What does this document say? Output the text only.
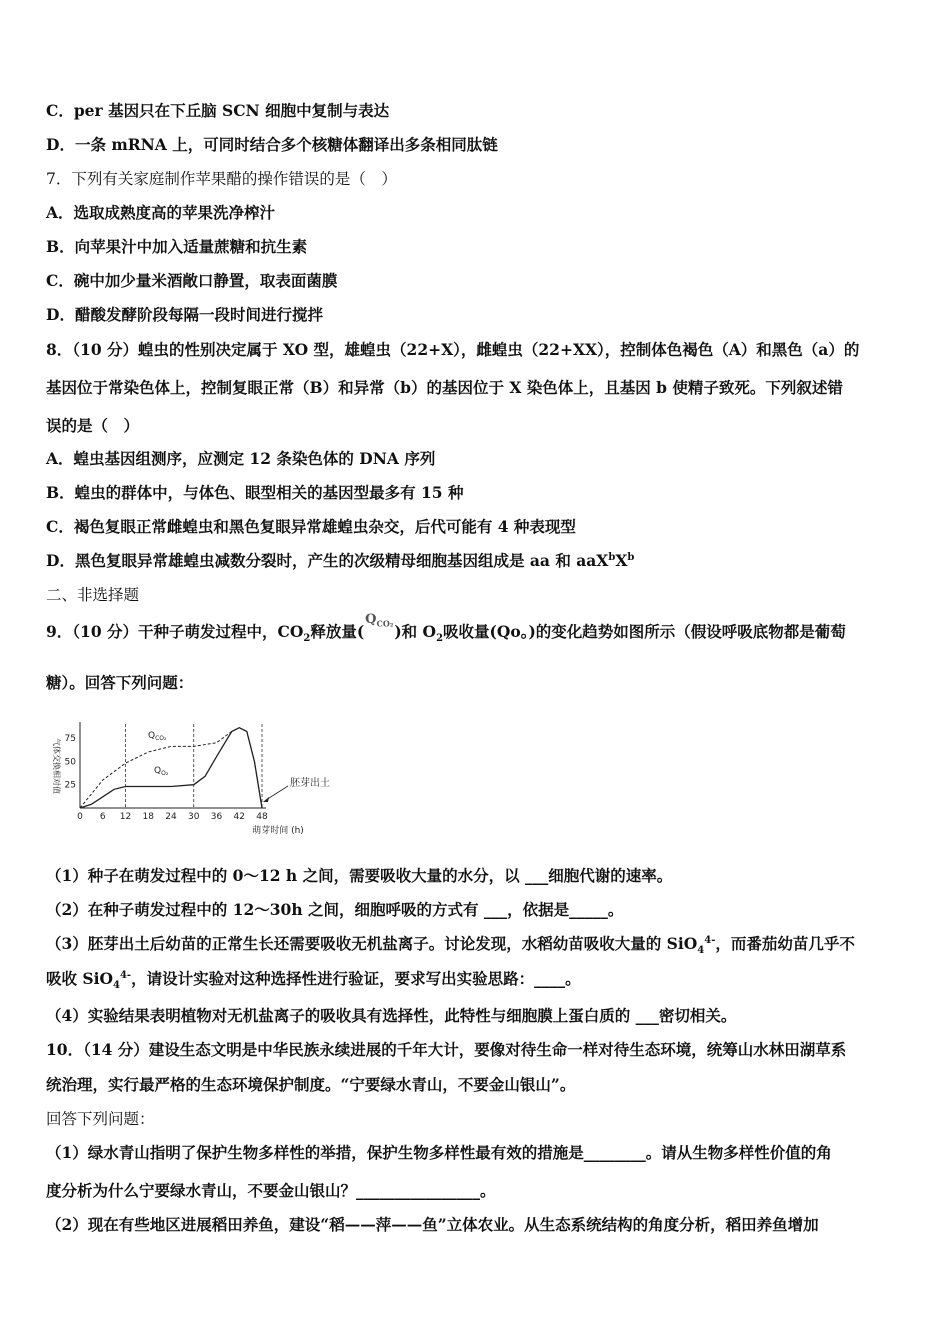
C．per 基因只在下丘脑 SCN 细胞中复制与表达
D．一条 mRNA 上，可同时结合多个核糖体翻译出多条相同肽链
7．下列有关家庭制作苹果醋的操作错误的是（　）
A．选取成熟度高的苹果洗净榨汁
B．向苹果汁中加入适量蔗糖和抗生素
C．碗中加少量米酒敞口静置，取表面菌膜
D．醋酸发酵阶段每隔一段时间进行搅拌
8．（10 分）蝗虫的性别决定属于 XO 型，雄蝗虫（22+X），雌蝗虫（22+XX），控制体色褐色（A）和黑色（a）的
基因位于常染色体上，控制复眼正常（B）和异常（b）的基因位于 X 染色体上，且基因 b 使精子致死。下列叙述错
误的是（　）
A．蝗虫基因组测序，应测定 12 条染色体的 DNA 序列
B．蝗虫的群体中，与体色、眼型相关的基因型最多有 15 种
C．褐色复眼正常雌蝗虫和黑色复眼异常雄蝗虫杂交，后代可能有 4 种表现型
D．黑色复眼异常雄蝗虫减数分裂时，产生的次级精母细胞基因组成是 aa 和 $aaX^bX^b$
二、非选择题
9．（10 分）干种子萌发过程中，$CO_2$释放量$(Q_{CO_2})$和 $O_2$吸收量(Qo。)的变化趋势如图所示（假设呼吸底物都是葡萄
糖）。回答下列问题：
0 6 12 18 24 30 36 42 48
25
50
75
萌芽时间 (h)
气体交换相对值
$Q_{CO_2}$
$Q_{O_2}$
胚芽出土
（1）种子在萌发过程中的 0～12 h 之间，需要吸收大量的水分，以 ___细胞代谢的速率。
（2）在种子萌发过程中的 12～30h 之间，细胞呼吸的方式有 ___，依据是_____。
（3）胚芽出土后幼苗的正常生长还需要吸收无机盐离子。讨论发现，水稻幼苗吸收大量的 SiO$_4^{4-}$，而番茄幼苗几乎不
吸收 SiO$_4^{4-}$，请设计实验对这种选择性进行验证，要求写出实验思路：____。
（4）实验结果表明植物对无机盐离子的吸收具有选择性，此特性与细胞膜上蛋白质的 ___密切相关。
10．（14 分）建设生态文明是中华民族永续进展的千年大计，要像对待生命一样对待生态环境，统筹山水林田湖草系
统治理，实行最严格的生态环境保护制度。“宁要绿水青山，不要金山银山”。
回答下列问题：
（1）绿水青山指明了保护生物多样性的举措，保护生物多样性最有效的措施是________。请从生物多样性价值的角
度分析为什么宁要绿水青山，不要金山银山？________________。
（2）现在有些地区进展稻田养鱼，建设“稻——萍——鱼”立体农业。从生态系统结构的角度分析，稻田养鱼增加
